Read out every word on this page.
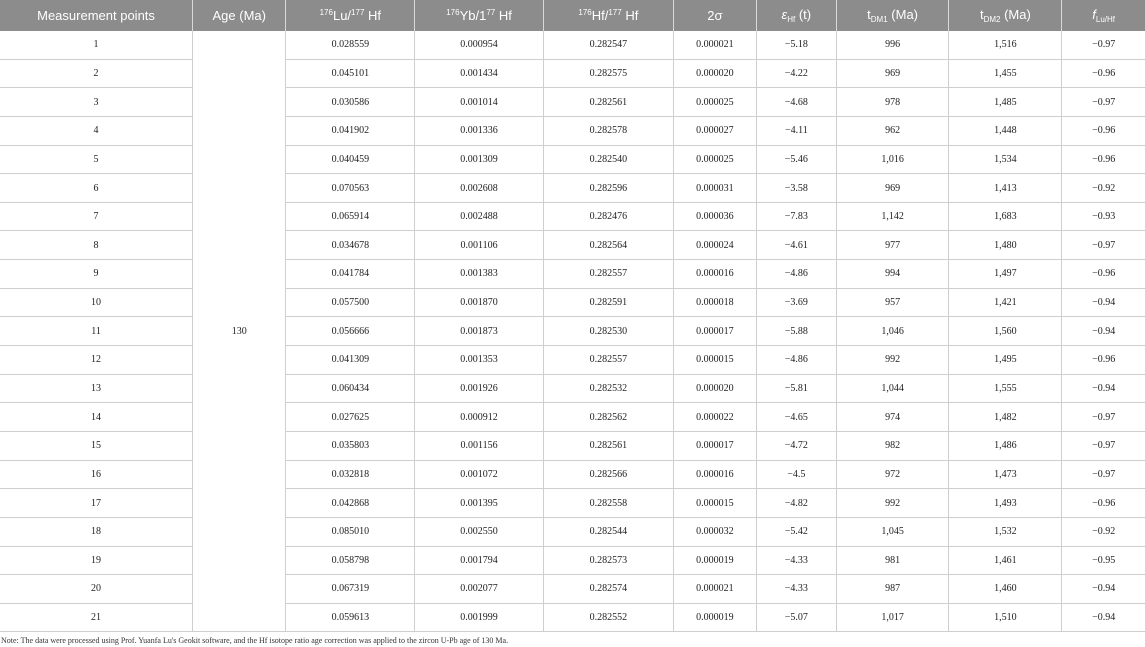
Measurement points	Age (Ma)	$^{176}$Lu/$^{177}$ Hf	$^{176}Yb/1^{77}$ Hf	$^{176}$Hf/$^{177}$ Hf	2σ	$\varepsilon_{Hf}$ (t)	$t_{DM1}$ (Ma)	$t_{DM2}$ (Ma)	$f_{Lu/Hf}$
1	130	0.028559	0.000954	0.282547	0.000021	−5.18	996	1,516	−0.97
2		0.045101	0.001434	0.282575	0.000020	−4.22	969	1,455	−0.96
3		0.030586	0.001014	0.282561	0.000025	−4.68	978	1,485	−0.97
4		0.041902	0.001336	0.282578	0.000027	−4.11	962	1,448	−0.96
5		0.040459	0.001309	0.282540	0.000025	−5.46	1,016	1,534	−0.96
6		0.070563	0.002608	0.282596	0.000031	−3.58	969	1,413	−0.92
7		0.065914	0.002488	0.282476	0.000036	−7.83	1,142	1,683	−0.93
8		0.034678	0.001106	0.282564	0.000024	−4.61	977	1,480	−0.97
9		0.041784	0.001383	0.282557	0.000016	−4.86	994	1,497	−0.96
10		0.057500	0.001870	0.282591	0.000018	−3.69	957	1,421	−0.94
11		0.056666	0.001873	0.282530	0.000017	−5.88	1,046	1,560	−0.94
12		0.041309	0.001353	0.282557	0.000015	−4.86	992	1,495	−0.96
13		0.060434	0.001926	0.282532	0.000020	−5.81	1,044	1,555	−0.94
14		0.027625	0.000912	0.282562	0.000022	−4.65	974	1,482	−0.97
15		0.035803	0.001156	0.282561	0.000017	−4.72	982	1,486	−0.97
16		0.032818	0.001072	0.282566	0.000016	−4.5	972	1,473	−0.97
17		0.042868	0.001395	0.282558	0.000015	−4.82	992	1,493	−0.96
18		0.085010	0.002550	0.282544	0.000032	−5.42	1,045	1,532	−0.92
19		0.058798	0.001794	0.282573	0.000019	−4.33	981	1,461	−0.95
20		0.067319	0.002077	0.282574	0.000021	−4.33	987	1,460	−0.94
21		0.059613	0.001999	0.282552	0.000019	−5.07	1,017	1,510	−0.94
Note: The data were processed using Prof. Yuanfa Lu's Geokit software, and the Hf isotope ratio age correction was applied to the zircon U-Pb age of 130 Ma.
